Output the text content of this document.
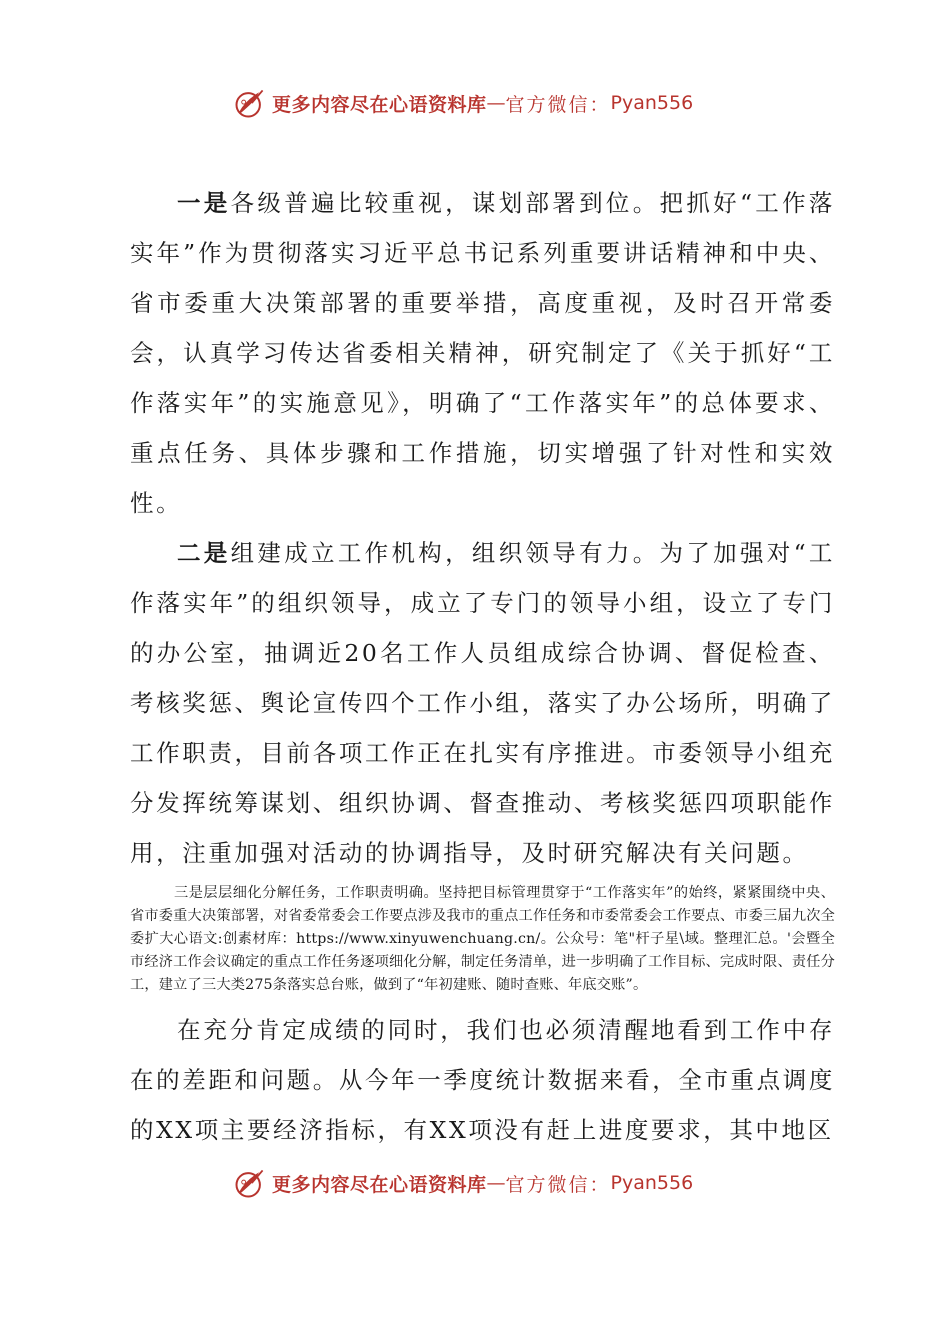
更多内容尽在心语资料库 — 官方微信： Pyan556

一是各级普遍比较重视，谋划部署到位。把抓好“工作落实年”作为贯彻落实习近平总书记系列重要讲话精神和中央、省市委重大决策部署的重要举措，高度重视，及时召开常委会，认真学习传达省委相关精神，研究制定了《关于抓好“工作落实年”的实施意见》，明确了“工作落实年”的总体要求、重点任务、具体步骤和工作措施，切实增强了针对性和实效性。

二是组建成立工作机构，组织领导有力。为了加强对“工作落实年”的组织领导，成立了专门的领导小组，设立了专门的办公室，抽调近20名工作人员组成综合协调、督促检查、考核奖惩、舆论宣传四个工作小组，落实了办公场所，明确了工作职责，目前各项工作正在扎实有序推进。市委领导小组充分发挥统筹谋划、组织协调、督查推动、考核奖惩四项职能作用，注重加强对活动的协调指导，及时研究解决有关问题。

三是层层细化分解任务，工作职责明确。坚持把目标管理贯穿于“工作落实年”的始终，紧紧围绕中央、省市委重大决策部署，对省委常委会工作要点涉及我市的重点工作任务和市委常委会工作要点、市委三届九次全委扩大心语文:创素材库：https://www.xinyuwenchuang.cn/。公众号：笔"杆子星\域。整理汇总。'会暨全市经济工作会议确定的重点工作任务逐项细化分解，制定任务清单，进一步明确了工作目标、完成时限、责任分工，建立了三大类275条落实总台账，做到了“年初建账、随时查账、年底交账”。

在充分肯定成绩的同时，我们也必须清醒地看到工作中存在的差距和问题。从今年一季度统计数据来看，全市重点调度的XX项主要经济指标，有XX项没有赶上进度要求，其中地区

更多内容尽在心语资料库 — 官方微信： Pyan556
